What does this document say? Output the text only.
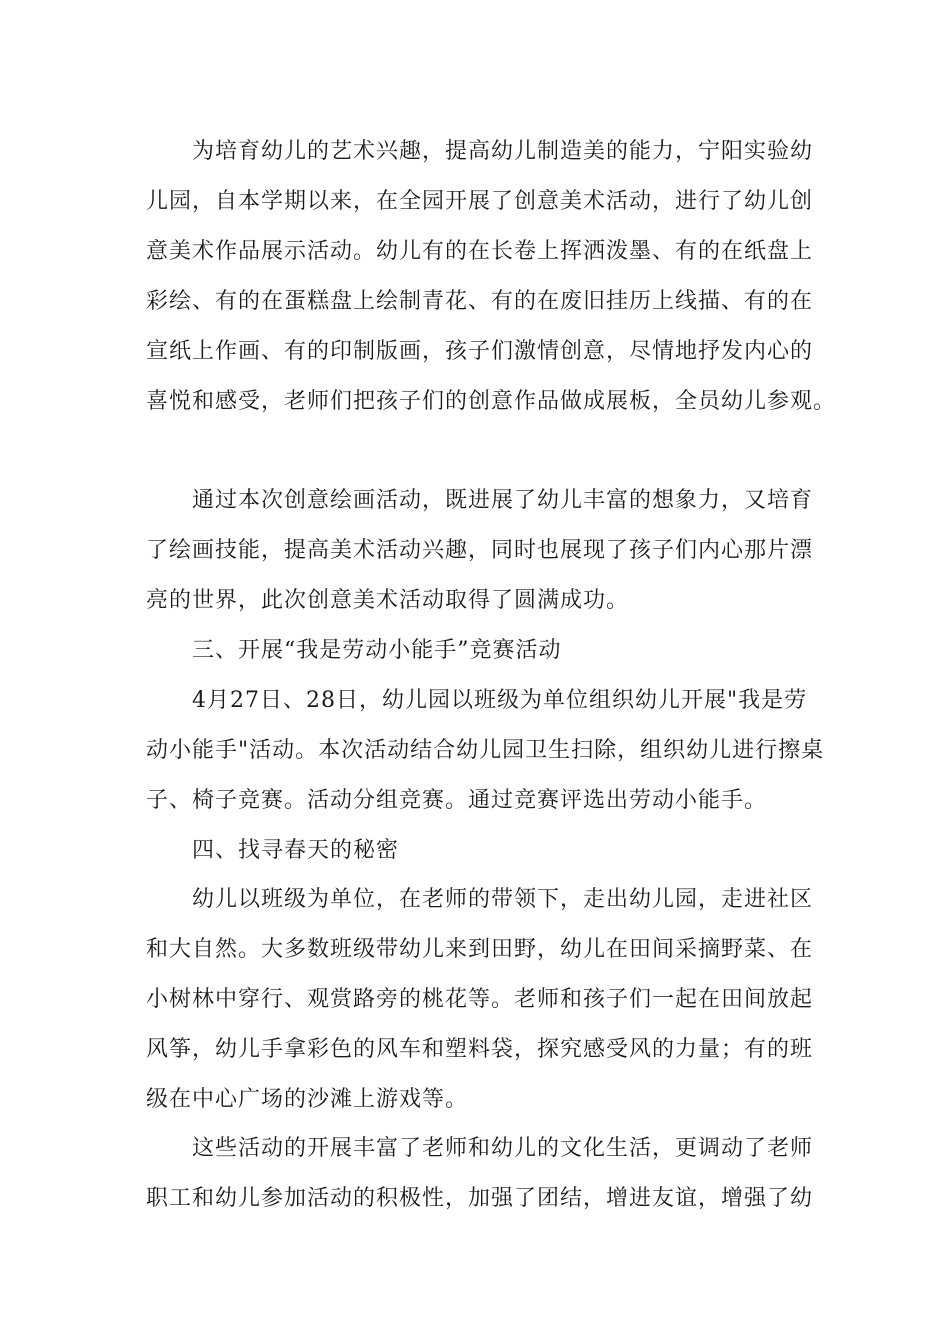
为培育幼儿的艺术兴趣，提高幼儿制造美的能力，宁阳实验幼
儿园，自本学期以来，在全园开展了创意美术活动，进行了幼儿创
意美术作品展示活动。幼儿有的在长卷上挥洒泼墨、有的在纸盘上
彩绘、有的在蛋糕盘上绘制青花、有的在废旧挂历上线描、有的在
宣纸上作画、有的印制版画，孩子们激情创意，尽情地抒发内心的
喜悦和感受，老师们把孩子们的创意作品做成展板，全员幼儿参观。
通过本次创意绘画活动，既进展了幼儿丰富的想象力，又培育
了绘画技能，提高美术活动兴趣，同时也展现了孩子们内心那片漂
亮的世界，此次创意美术活动取得了圆满成功。
三、开展“我是劳动小能手”竞赛活动
4月27日、28日，幼儿园以班级为单位组织幼儿开展"我是劳
动小能手"活动。本次活动结合幼儿园卫生扫除，组织幼儿进行擦桌
子、椅子竞赛。活动分组竞赛。通过竞赛评选出劳动小能手。
四、找寻春天的秘密
幼儿以班级为单位，在老师的带领下，走出幼儿园，走进社区
和大自然。大多数班级带幼儿来到田野，幼儿在田间采摘野菜、在
小树林中穿行、观赏路旁的桃花等。老师和孩子们一起在田间放起
风筝，幼儿手拿彩色的风车和塑料袋，探究感受风的力量；有的班
级在中心广场的沙滩上游戏等。
这些活动的开展丰富了老师和幼儿的文化生活，更调动了老师
职工和幼儿参加活动的积极性，加强了团结，增进友谊，增强了幼
